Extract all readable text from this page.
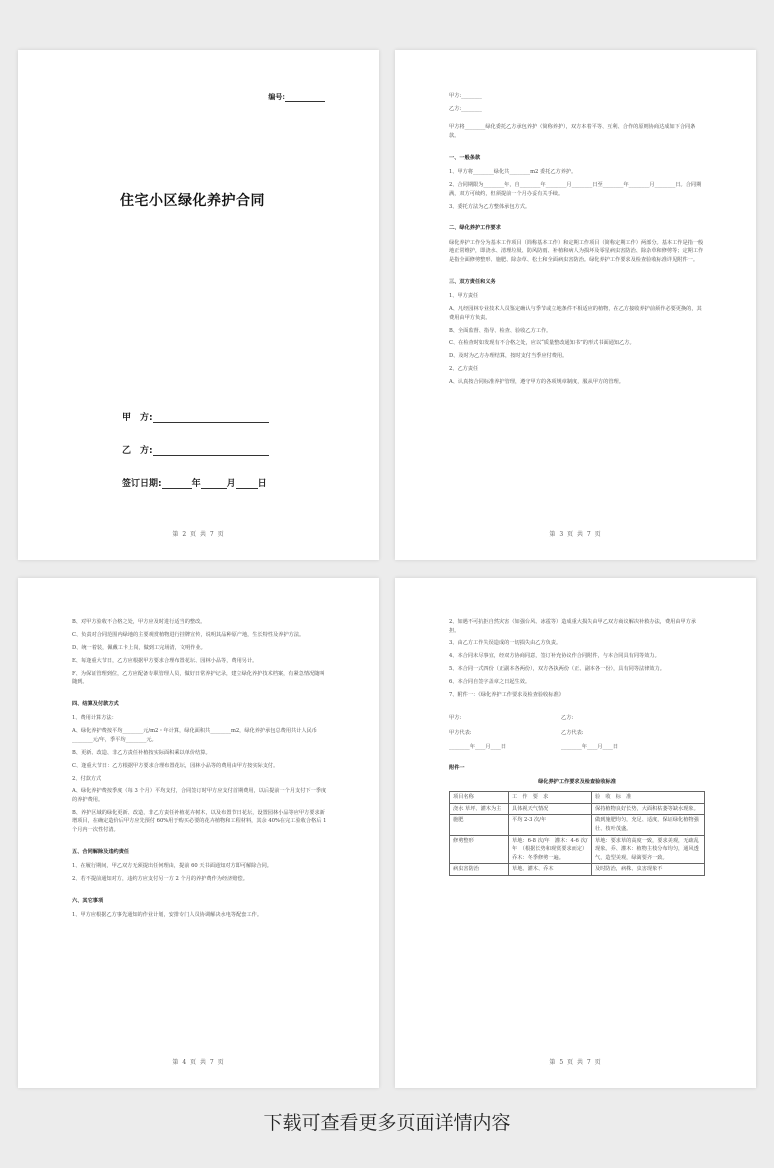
编号:
住宅小区绿化养护合同
甲　方:
乙　方:
签订日期:	年	月 日
第 2 页 共 7 页

甲方:________

乙方:________

甲方将________绿化委托乙方承包养护（简称养护），双方本着平等、互利、合作的原则协商达成如下合同条款。

一、一般条款

1、甲方将________绿化共________m2 委托乙方养护。

2、合同期限为________年，自________年________月________日至________年________月________日。合同期满，双方可续约，但须提前一个月办妥有关手续。

3、委托方法为乙方整体承包方式。

二、绿化养护工作要求

绿化养护工作分为基本工作项目（简称基本工作）和定期工作项目（简称定期工作）两部分。基本工作是指一般地正常维护，即浇水、清理垃圾、防风防雨、补植和病人为损坏及零星病虫害防治、除杂草和修剪等；定期工作是指全面修剪整形、施肥、除杂草、松土和全面病虫害防治。绿化养护工作要求及检查验收标准详见附件一。

三、双方责任和义务

1、甲方责任

A、凡经园林专业技术人员鉴定确认与季节或立地条件不相适应的植物，在乙方接收养护前须作必要更换的，其费用由甲方负责。

B、全面监督、指导、检查、验收乙方工作。

C、在检查时如发现有不合格之处，应以“质量整改通知书”的形式书面通知乙方。

D、及时为乙方办理结算，按时支付当季应付费用。

2、乙方责任

A、认真按合同标准养护管理，遵守甲方的各项规章制度，服从甲方的管理。

第 3 页 共 7 页

B、对甲方验收不合格之处，甲方应及时进行适当的整改。

C、负责对合同范围内绿地的主要观赏植物进行挂牌宣传，说明其品种原产地，生长特性及养护方法。

D、统一着装，佩戴工卡上岗，做到工完场清，文明作业。

E、每逢重大节日，乙方应根据甲方要求合理布置花坛、园林小品等，费用另计。

F、为保证管理到位，乙方应配备专职管理人员，做好日常养护记录，建立绿化养护技术档案，有紧急情况随叫随到。

四、结算及付款方式

1、费用计算方法：

A、绿化养护费按平均________元/m2・年计算，绿化面积共________m2，绿化养护承包总费用共计人民币________元/年，季平均________元。

B、更新、改造、非乙方责任补植按实际面积乘以单价结算。

C、逢重大节日：乙方根据甲方要求合理布置花坛，园林小品等的费用由甲方按实际支付。

2、付款方式

A、绿化养护费按季度（每 3 个月）平均支付，合同签订时甲方应支付首期费用，以后提前一个月支付下一季度的养护费用。

B、养护区域的绿化更新、改造，非乙方责任补植花卉树木，以及布置节日花坛，设置园林小品等应甲方要求新增项目，在确定造价后甲方应先预付 60%用于购买必要的花卉植物和工程材料，其余 40%在完工验收合格后 1 个月内一次性付清。

五、合同解除及违约责任

1、在履行期间，甲乙双方无须提出任何理由，提前 60 天书面通知对方即可解除合同。

2、若不提前通知对方，违约方应支付另一方 2 个月的养护费作为经济赔偿。

六、其它事项

1、甲方应根据乙方事先通知的作业计划，安排专门人员协调解决水电等配套工作。

第 4 页 共 7 页

2、如遇不可抗拒自然灾害（如强台风、冰雹等）造成重大损失由甲乙双方商议解决补救办法，费用由甲方承担。

3、由乙方工作失误造成的一切损失由乙方负责。

4、本合同未尽事宜，经双方协商同意，签订补充协议作合同附件，与本合同具有同等效力。

5、本合同一式四份（正副本各两份），双方各执两份（正、副本各一份），具有同等法律效力。

6、本合同自签字盖章之日起生效。

7、附件一：《绿化养护工作要求及检查验收标准》

甲方:	乙方:
甲方代表:	乙方代表:
________年____月____日	________年____月____日

附件一

绿化养护工作要求及检查验收标准

项目名称	工　作　要　求	验　收　标　准
浇水 草坪、灌木为主	具体视天气情况	保持植物良好长势，大面积枯萎等缺水现象。
施肥	平均 2-3 次/年	做到施肥均匀，充足、适度，保证绿化植物强壮、枝叶茂盛。
修剪整形	草地：6-8 次/年　灌木：4-6 次/年　（根据长势和观赏要求而定）乔木：冬季修剪一遍。	草地：要求草的高度一致，要求美观，无疏乱现象。乔、灌木：植物主枝分布均匀，通风透气，造型美观，绿篱要齐一致。
病虫害防治	草地、灌木、乔木	及时防治，病株、虫害现象不
第 5 页 共 7 页
下载可查看更多页面详情内容
